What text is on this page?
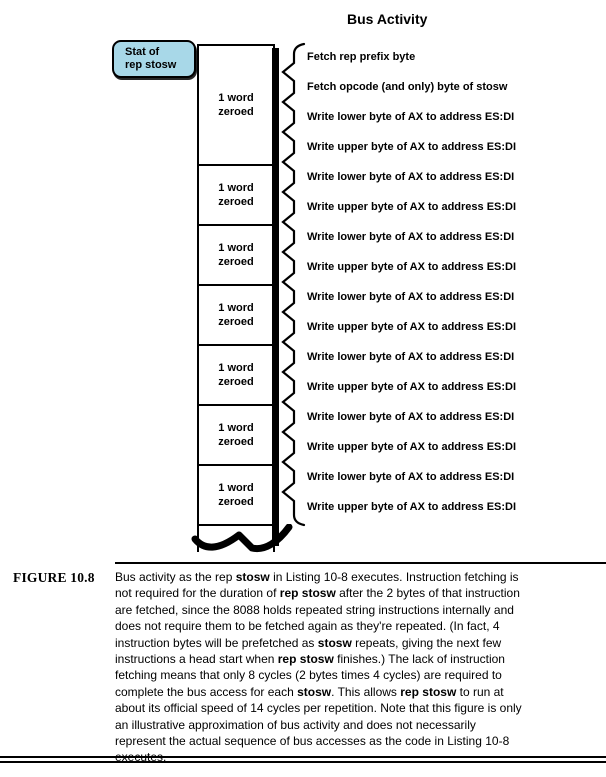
Bus Activity
Stat of
rep stosw
1 word zeroed
1 word zeroed
1 word zeroed
1 word zeroed
1 word zeroed
1 word zeroed
1 word zeroed
Fetch rep prefix byte
Fetch opcode (and only) byte of stosw
Write lower byte of AX to address ES:DI
Write upper byte of AX to address ES:DI
Write lower byte of AX to address ES:DI
Write upper byte of AX to address ES:DI
Write lower byte of AX to address ES:DI
Write upper byte of AX to address ES:DI
Write lower byte of AX to address ES:DI
Write upper byte of AX to address ES:DI
Write lower byte of AX to address ES:DI
Write upper byte of AX to address ES:DI
Write lower byte of AX to address ES:DI
Write upper byte of AX to address ES:DI
Write lower byte of AX to address ES:DI
Write upper byte of AX to address ES:DI
FIGURE 10.8 Bus activity as the rep stosw in Listing 10-8 executes. Instruction fetching is not required for the duration of rep stosw after the 2 bytes of that instruction are fetched, since the 8088 holds repeated string instructions internally and does not require them to be fetched again as they're repeated. (In fact, 4 instruction bytes will be prefetched as stosw repeats, giving the next few instructions a head start when rep stosw finishes.) The lack of instruction fetching means that only 8 cycles (2 bytes times 4 cycles) are required to complete the bus access for each stosw. This allows rep stosw to run at about its official speed of 14 cycles per repetition. Note that this figure is only an illustrative approximation of bus activity and does not necessarily represent the actual sequence of bus accesses as the code in Listing 10-8 executes.
